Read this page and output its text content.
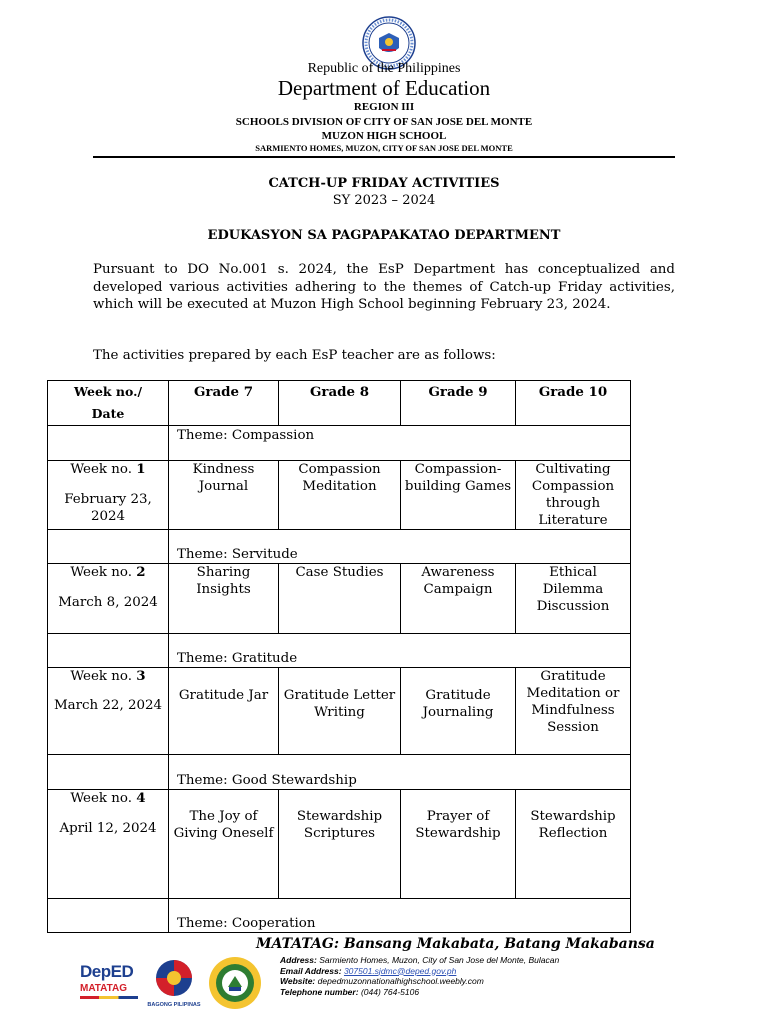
Republic of the Philippines
Department of Education
REGION III
SCHOOLS DIVISION OF CITY OF SAN JOSE DEL MONTE
MUZON HIGH SCHOOL
SARMIENTO HOMES, MUZON, CITY OF SAN JOSE DEL MONTE
CATCH-UP FRIDAY ACTIVITIES
SY 2023 – 2024
EDUKASYON SA PAGPAPAKATAO DEPARTMENT
Pursuant to DO No.001 s. 2024, the EsP Department has conceptualized and developed various activities adhering to the themes of Catch-up Friday activities, which will be executed at Muzon High School beginning February 23, 2024.
The activities prepared by each EsP teacher are as follows:
Week no./
Date	Grade 7	Grade 8	Grade 9	Grade 10
	Theme: Compassion			

Week no. 1
February 23, 2024	Kindness Journal	Compassion Meditation	Compassion-building Games	Cultivating Compassion through Literature
	Theme: Servitude			

Week no. 2
March 8, 2024	Sharing Insights	Case Studies	Awareness Campaign	Ethical Dilemma Discussion
	Theme: Gratitude			

Week no. 3
March 22, 2024	Gratitude Jar	Gratitude Letter Writing	Gratitude Journaling	Gratitude Meditation or Mindfulness Session
	Theme: Good Stewardship			

Week no. 4
April 12, 2024	The Joy of Giving Oneself	Stewardship Scriptures	Prayer of Stewardship	Stewardship Reflection
	Theme: Cooperation			
MATATAG: Bansang Makabata, Batang Makabansa
DepED
MATATAG
BAGONG PILIPINAS
Address: Sarmiento Homes, Muzon, City of San Jose del Monte, Bulacan
Email Address: 307501.sjdmc@deped.gov.ph
Website: depedmuzonnationalhighschool.weebly.com
Telephone number: (044) 764-5106
